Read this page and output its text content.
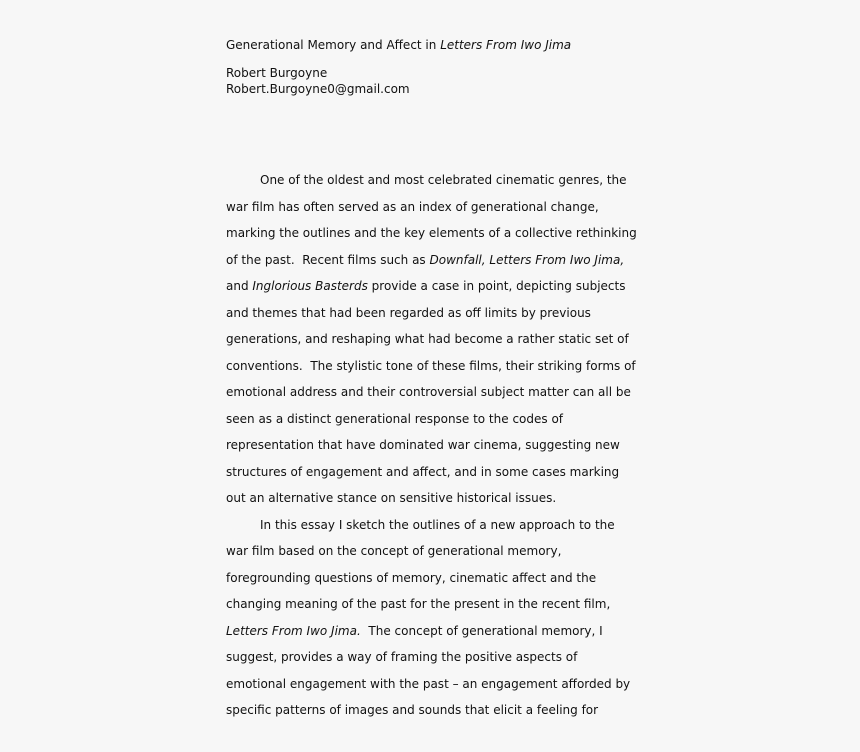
Generational Memory and Affect in Letters From Iwo Jima
Robert Burgoyne
Robert.Burgoyne0@gmail.com
One of the oldest and most celebrated cinematic genres, the
war film has often served as an index of generational change,
marking the outlines and the key elements of a collective rethinking
of the past.  Recent films such as Downfall, Letters From Iwo Jima,
and Inglorious Basterds provide a case in point, depicting subjects
and themes that had been regarded as off limits by previous
generations, and reshaping what had become a rather static set of
conventions.  The stylistic tone of these films, their striking forms of
emotional address and their controversial subject matter can all be
seen as a distinct generational response to the codes of
representation that have dominated war cinema, suggesting new
structures of engagement and affect, and in some cases marking
out an alternative stance on sensitive historical issues.
In this essay I sketch the outlines of a new approach to the
war film based on the concept of generational memory,
foregrounding questions of memory, cinematic affect and the
changing meaning of the past for the present in the recent film,
Letters From Iwo Jima.  The concept of generational memory, I
suggest, provides a way of framing the positive aspects of
emotional engagement with the past – an engagement afforded by
specific patterns of images and sounds that elicit a feeling for
